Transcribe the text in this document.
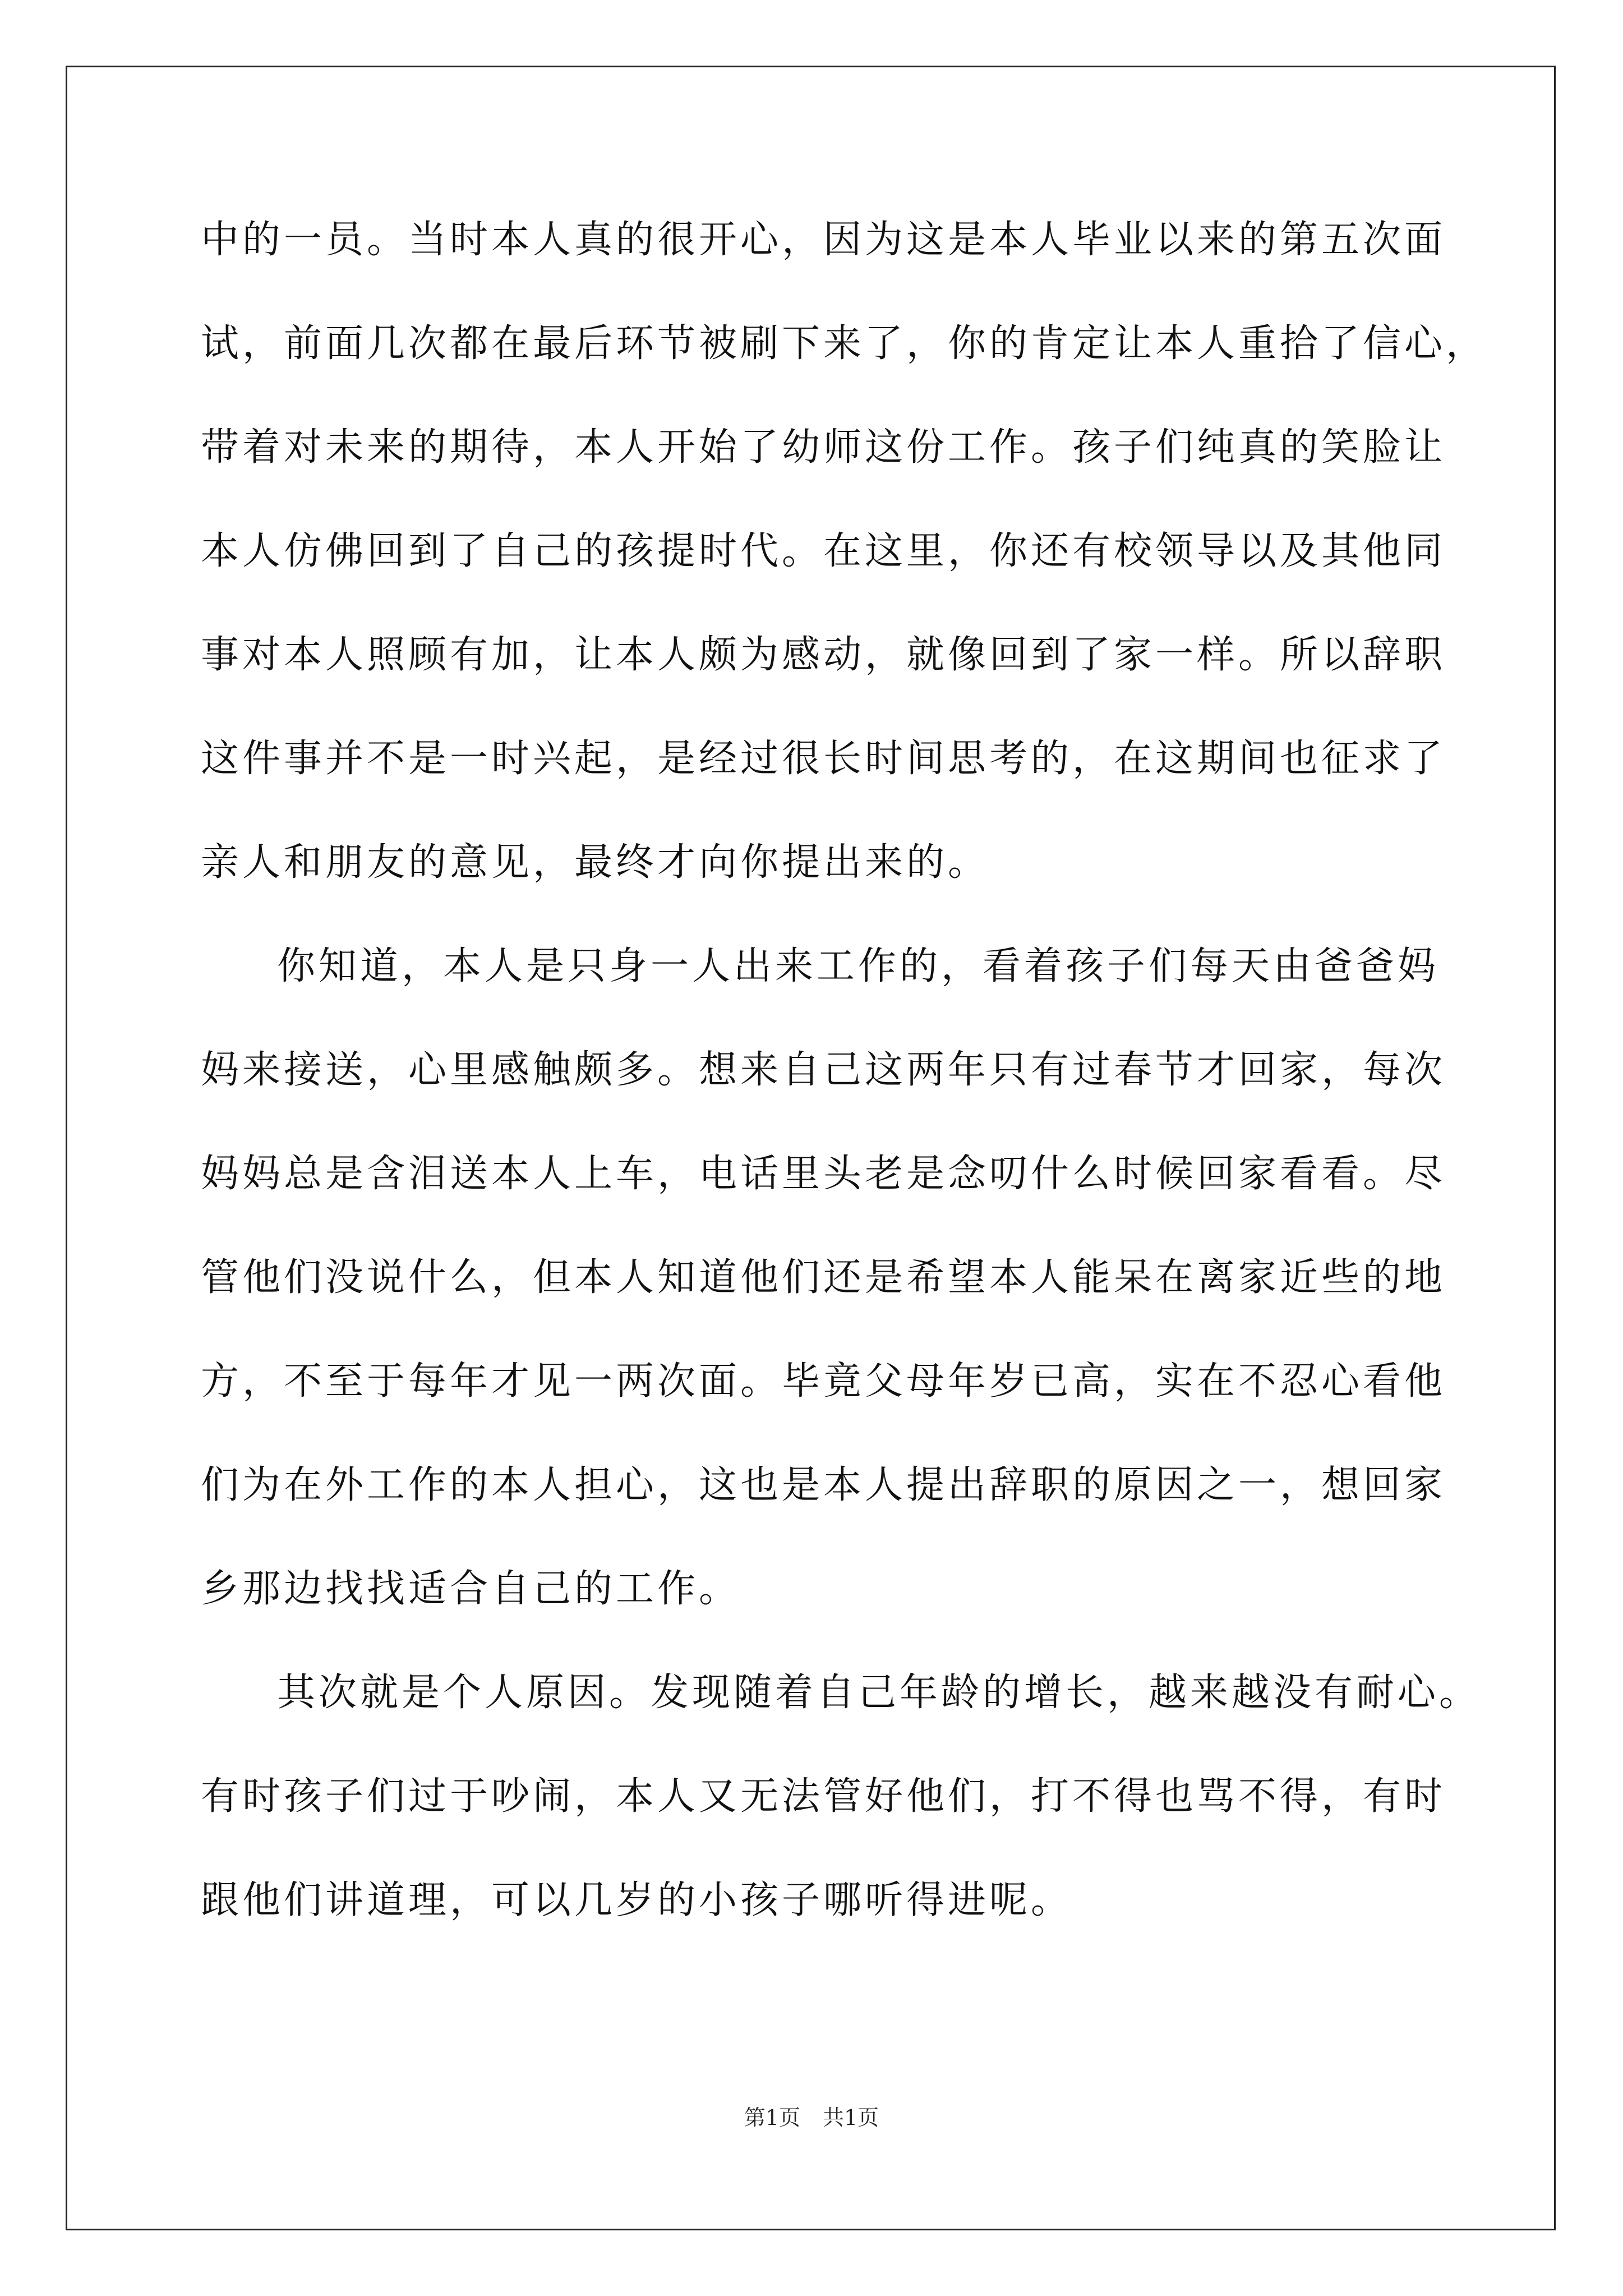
中的一员。当时本人真的很开心，因为这是本人毕业以来的第五次面
试，前面几次都在最后环节被刷下来了，你的肯定让本人重拾了信心，
带着对未来的期待，本人开始了幼师这份工作。孩子们纯真的笑脸让
本人仿佛回到了自己的孩提时代。在这里，你还有校领导以及其他同
事对本人照顾有加，让本人颇为感动，就像回到了家一样。所以辞职
这件事并不是一时兴起，是经过很长时间思考的，在这期间也征求了
亲人和朋友的意见，最终才向你提出来的。
你知道，本人是只身一人出来工作的，看着孩子们每天由爸爸妈
妈来接送，心里感触颇多。想来自己这两年只有过春节才回家，每次
妈妈总是含泪送本人上车，电话里头老是念叨什么时候回家看看。尽
管他们没说什么，但本人知道他们还是希望本人能呆在离家近些的地
方，不至于每年才见一两次面。毕竟父母年岁已高，实在不忍心看他
们为在外工作的本人担心，这也是本人提出辞职的原因之一，想回家
乡那边找找适合自己的工作。
其次就是个人原因。发现随着自己年龄的增长，越来越没有耐心。
有时孩子们过于吵闹，本人又无法管好他们，打不得也骂不得，有时
跟他们讲道理，可以几岁的小孩子哪听得进呢。
第1页 共1页
